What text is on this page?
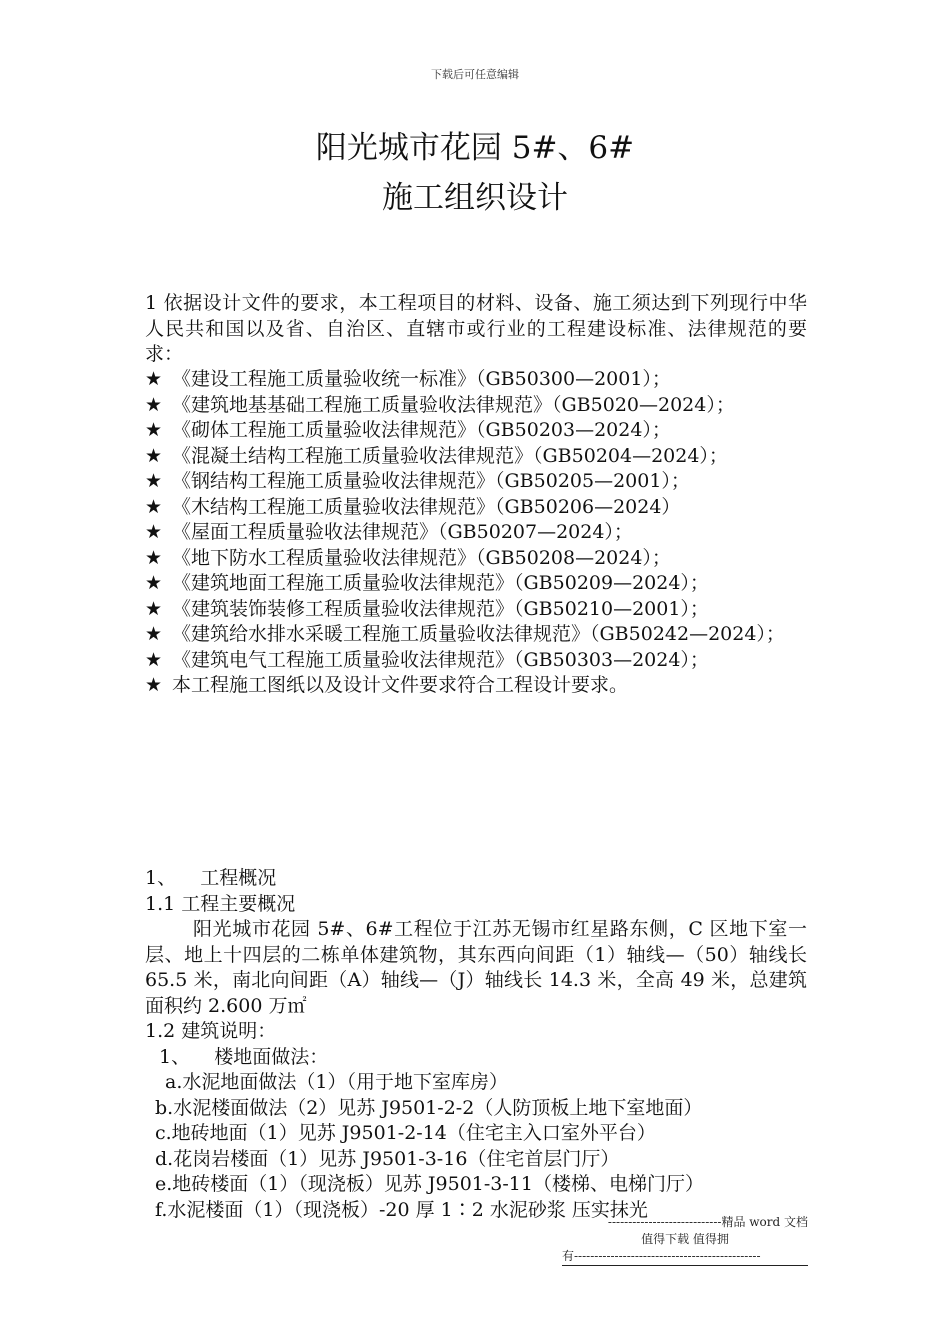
下载后可任意编辑
阳光城市花园 5#、6#
施工组织设计
1 依据设计文件的要求，本工程项目的材料、设备、施工须达到下列现行中华人民共和国以及省、自治区、直辖市或行业的工程建设标准、法律规范的要求：
★ 《建设工程施工质量验收统一标准》（GB50300—2001）；
★ 《建筑地基基础工程施工质量验收法律规范》（GB5020—2024）；
★ 《砌体工程施工质量验收法律规范》（GB50203—2024）；
★ 《混凝土结构工程施工质量验收法律规范》（GB50204—2024）；
★ 《钢结构工程施工质量验收法律规范》（GB50205—2001）；
★ 《木结构工程施工质量验收法律规范》（GB50206—2024）
★ 《屋面工程质量验收法律规范》（GB50207—2024）；
★ 《地下防水工程质量验收法律规范》（GB50208—2024）；
★ 《建筑地面工程施工质量验收法律规范》（GB50209—2024）；
★ 《建筑装饰装修工程质量验收法律规范》（GB50210—2001）；
★ 《建筑给水排水采暖工程施工质量验收法律规范》（GB50242—2024）；
★ 《建筑电气工程施工质量验收法律规范》（GB50303—2024）；
★ 本工程施工图纸以及设计文件要求符合工程设计要求。
1、    工程概况
1.1 工程主要概况
阳光城市花园 5#、6#工程位于江苏无锡市红星路东侧，C 区地下室一层、地上十四层的二栋单体建筑物，其东西向间距（1）轴线—（50）轴线长 65.5 米，南北向间距（A）轴线—（J）轴线长 14.3 米，全高 49 米，总建筑面积约 2.600 万㎡
1.2 建筑说明：
1、    楼地面做法：
a.水泥地面做法（1）（用于地下室库房）
b.水泥楼面做法（2）见苏 J9501-2-2（人防顶板上地下室地面）
c.地砖地面（1）见苏 J9501-2-14（住宅主入口室外平台）
d.花岗岩楼面（1）见苏 J9501-3-16（住宅首层门厅）
e.地砖楼面（1）（现浇板）见苏 J9501-3-11（楼梯、电梯门厅）
f.水泥楼面（1）（现浇板）-20 厚 1∶2 水泥砂浆 压实抹光
----------------------------精品 word 文档
值得下载 值得拥
有----------------------------------------------
